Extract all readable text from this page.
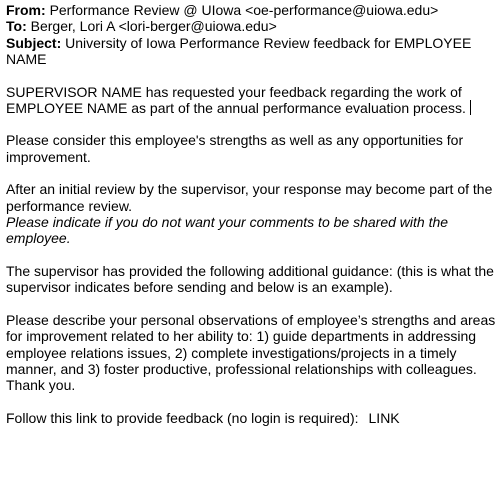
From: Performance Review @ UIowa <oe-performance@uiowa.edu>
To: Berger, Lori A <lori-berger@uiowa.edu>
Subject: University of Iowa Performance Review feedback for EMPLOYEE NAME
SUPERVISOR NAME has requested your feedback regarding the work of EMPLOYEE NAME as part of the annual performance evaluation process.
Please consider this employee's strengths as well as any opportunities for improvement.
After an initial review by the supervisor, your response may become part of the performance review.
Please indicate if you do not want your comments to be shared with the employee.
The supervisor has provided the following additional guidance: (this is what the supervisor indicates before sending and below is an example).
Please describe your personal observations of employee’s strengths and areas for improvement related to her ability to: 1) guide departments in addressing employee relations issues, 2) complete investigations/projects in a timely manner, and 3) foster productive, professional relationships with colleagues. Thank you.
Follow this link to provide feedback (no login is required): LINK
